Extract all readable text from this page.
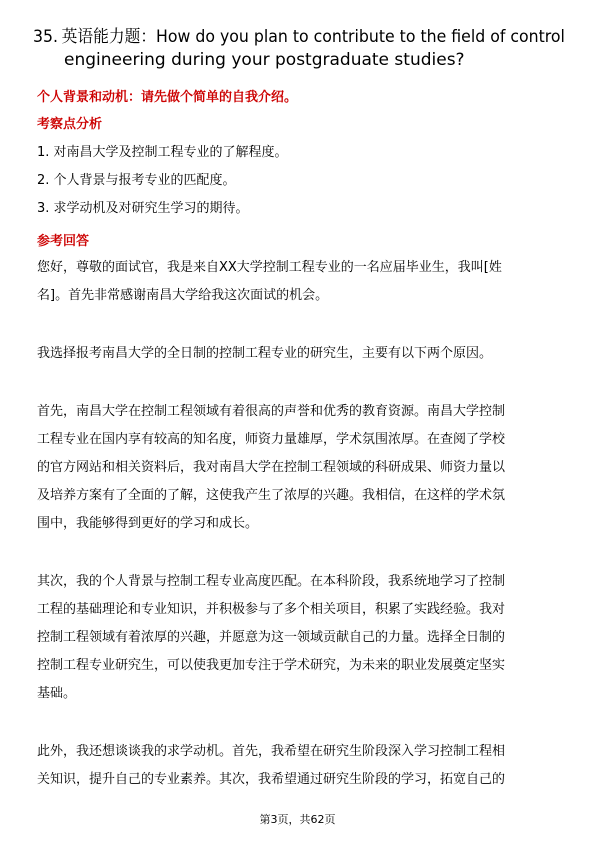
35. 英语能力题：How do you plan to contribute to the field of control
engineering during your postgraduate studies?
个人背景和动机：请先做个简单的自我介绍。
考察点分析
1. 对南昌大学及控制工程专业的了解程度。
2. 个人背景与报考专业的匹配度。
3. 求学动机及对研究生学习的期待。
参考回答
您好，尊敬的面试官，我是来自XX大学控制工程专业的一名应届毕业生，我叫[姓
名]。首先非常感谢南昌大学给我这次面试的机会。
我选择报考南昌大学的全日制的控制工程专业的研究生，主要有以下两个原因。
首先，南昌大学在控制工程领域有着很高的声誉和优秀的教育资源。南昌大学控制
工程专业在国内享有较高的知名度，师资力量雄厚，学术氛围浓厚。在查阅了学校
的官方网站和相关资料后，我对南昌大学在控制工程领域的科研成果、师资力量以
及培养方案有了全面的了解，这使我产生了浓厚的兴趣。我相信，在这样的学术氛
围中，我能够得到更好的学习和成长。
其次，我的个人背景与控制工程专业高度匹配。在本科阶段，我系统地学习了控制
工程的基础理论和专业知识，并积极参与了多个相关项目，积累了实践经验。我对
控制工程领域有着浓厚的兴趣，并愿意为这一领域贡献自己的力量。选择全日制的
控制工程专业研究生，可以使我更加专注于学术研究，为未来的职业发展奠定坚实
基础。
此外，我还想谈谈我的求学动机。首先，我希望在研究生阶段深入学习控制工程相
关知识，提升自己的专业素养。其次，我希望通过研究生阶段的学习，拓宽自己的
第3页，共62页
